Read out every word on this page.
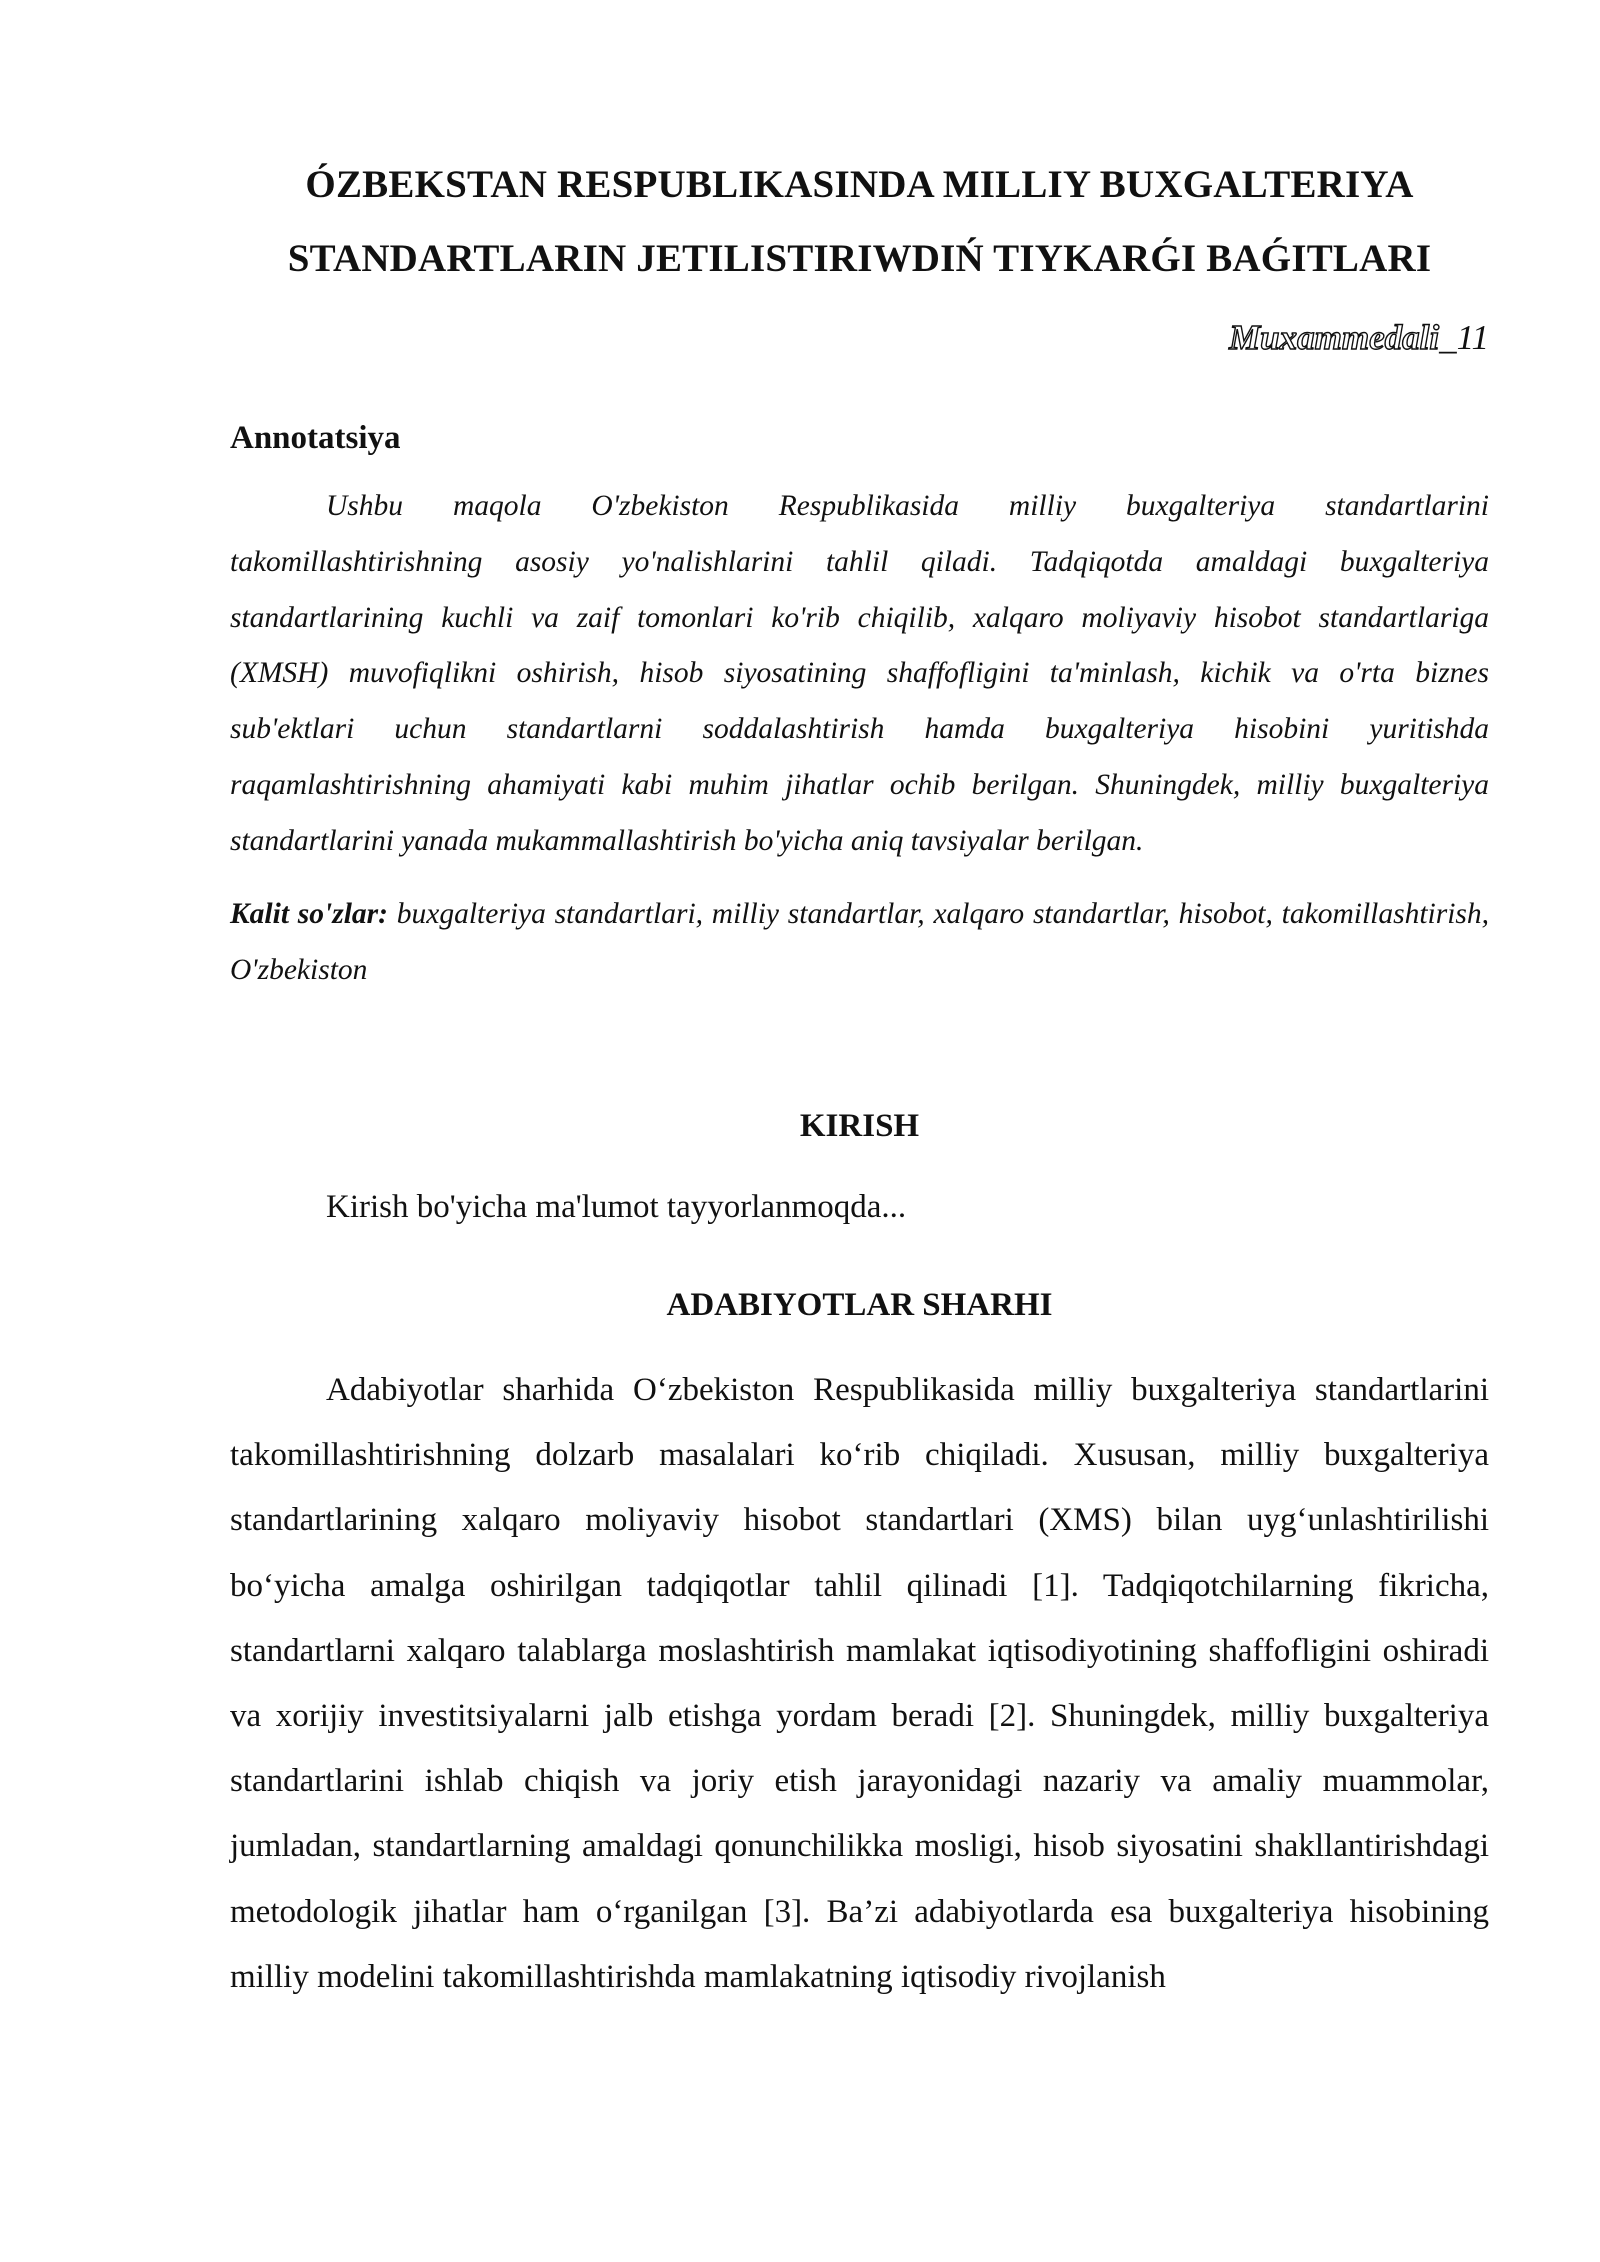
ÓZBEKSTAN RESPUBLIKASINDA MILLIY BUXGALTERIYA STANDARTLARIN JETILISTIRIWDIŃ TIYKARǴI BAǴITLARI
Muxammedali_11
Annotatsiya

Ushbu maqola O'zbekiston Respublikasida milliy buxgalteriya standartlarini takomillashtirishning asosiy yo'nalishlarini tahlil qiladi. Tadqiqotda amaldagi buxgalteriya standartlarining kuchli va zaif tomonlari ko'rib chiqilib, xalqaro moliyaviy hisobot standartlariga (XMSH) muvofiqlikni oshirish, hisob siyosatining shaffofligini ta'minlash, kichik va o'rta biznes sub'ektlari uchun standartlarni soddalashtirish hamda buxgalteriya hisobini yuritishda raqamlashtirishning ahamiyati kabi muhim jihatlar ochib berilgan. Shuningdek, milliy buxgalteriya standartlarini yanada mukammallashtirish bo'yicha aniq tavsiyalar berilgan.

Kalit so'zlar: buxgalteriya standartlari, milliy standartlar, xalqaro standartlar, hisobot, takomillashtirish, O'zbekiston

KIRISH

Kirish bo'yicha ma'lumot tayyorlanmoqda...

ADABIYOTLAR SHARHI

Adabiyotlar sharhida O‘zbekiston Respublikasida milliy buxgalteriya standartlarini takomillashtirishning dolzarb masalalari ko‘rib chiqiladi. Xususan, milliy buxgalteriya standartlarining xalqaro moliyaviy hisobot standartlari (XMS) bilan uyg‘unlashtirilishi bo‘yicha amalga oshirilgan tadqiqotlar tahlil qilinadi [1]. Tadqiqotchilarning fikricha, standartlarni xalqaro talablarga moslashtirish mamlakat iqtisodiyotining shaffofligini oshiradi va xorijiy investitsiyalarni jalb etishga yordam beradi [2]. Shuningdek, milliy buxgalteriya standartlarini ishlab chiqish va joriy etish jarayonidagi nazariy va amaliy muammolar, jumladan, standartlarning amaldagi qonunchilikka mosligi, hisob siyosatini shakllantirishdagi metodologik jihatlar ham o‘rganilgan [3]. Ba’zi adabiyotlarda esa buxgalteriya hisobining milliy modelini takomillashtirishda mamlakatning iqtisodiy rivojlanish
